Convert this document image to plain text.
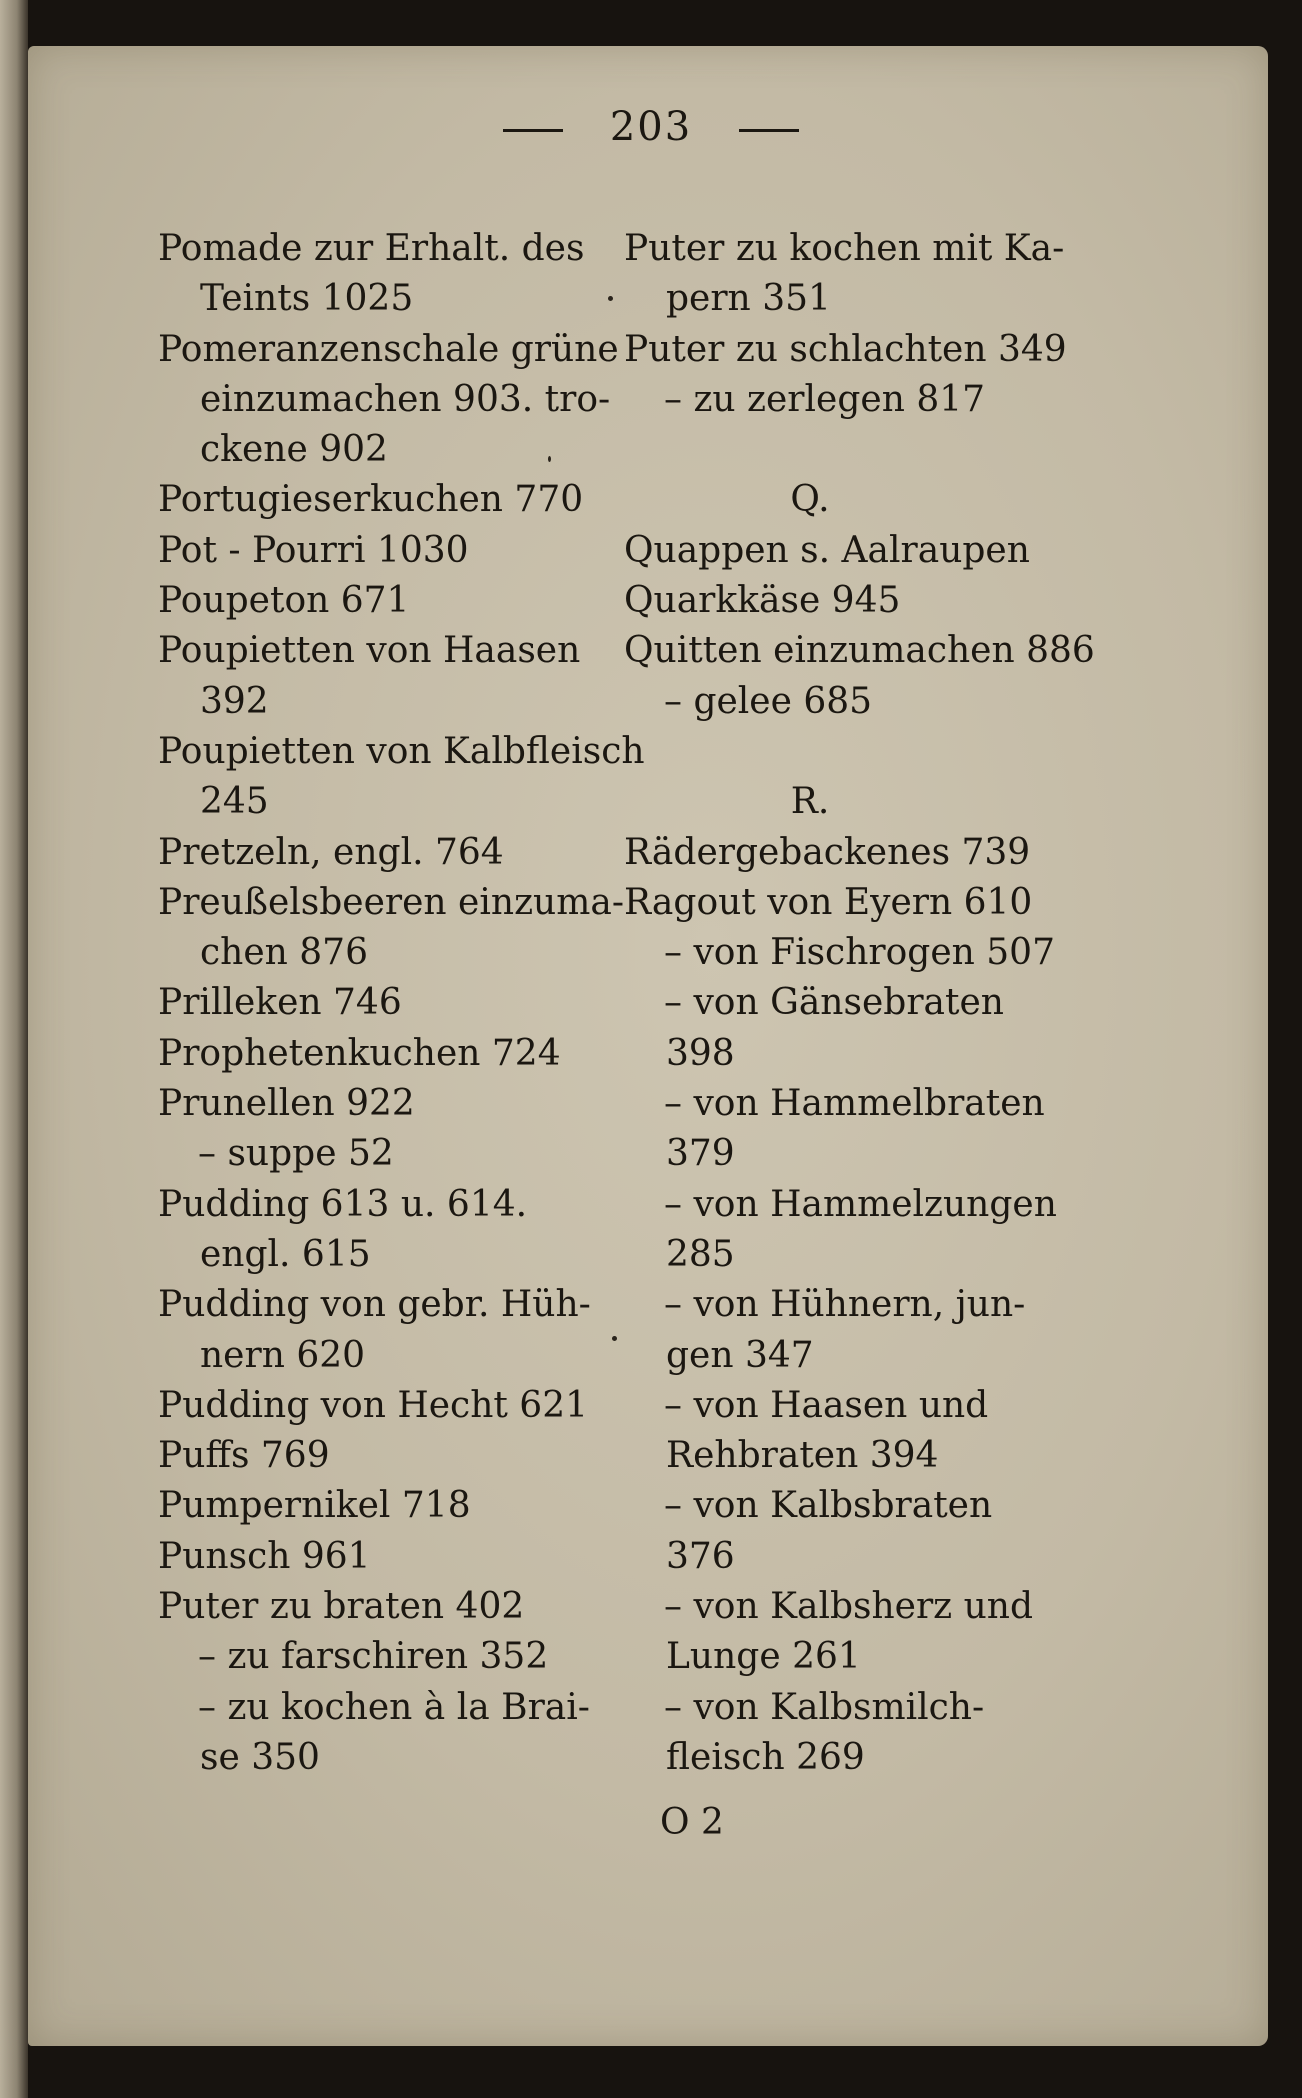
203
Pomade zur Erhalt. des
Teints 1025
Pomeranzenschale grüne
einzumachen 903. tro-
ckene 902
Portugieserkuchen 770
Pot - Pourri 1030
Poupeton 671
Poupietten von Haasen
392
Poupietten von Kalbfleisch
245
Pretzeln, engl. 764
Preußelsbeeren einzuma-
chen 876
Prilleken 746
Prophetenkuchen 724
Prunellen 922
– suppe 52
Pudding 613 u. 614.
engl. 615
Pudding von gebr. Hüh-
nern 620
Pudding von Hecht 621
Puffs 769
Pumpernikel 718
Punsch 961
Puter zu braten 402
– zu farschiren 352
– zu kochen à la Brai-
se 350
Puter zu kochen mit Ka-
pern 351
Puter zu schlachten 349
– zu zerlegen 817
Q.
Quappen s. Aalraupen
Quarkkäse 945
Quitten einzumachen 886
– gelee 685
R.
Rädergebackenes 739
Ragout von Eyern 610
– von Fischrogen 507
– von Gänsebraten
398
– von Hammelbraten
379
– von Hammelzungen
285
– von Hühnern, jun-
gen 347
– von Haasen und
Rehbraten 394
– von Kalbsbraten
376
– von Kalbsherz und
Lunge 261
– von Kalbsmilch-
fleisch 269
O 2
